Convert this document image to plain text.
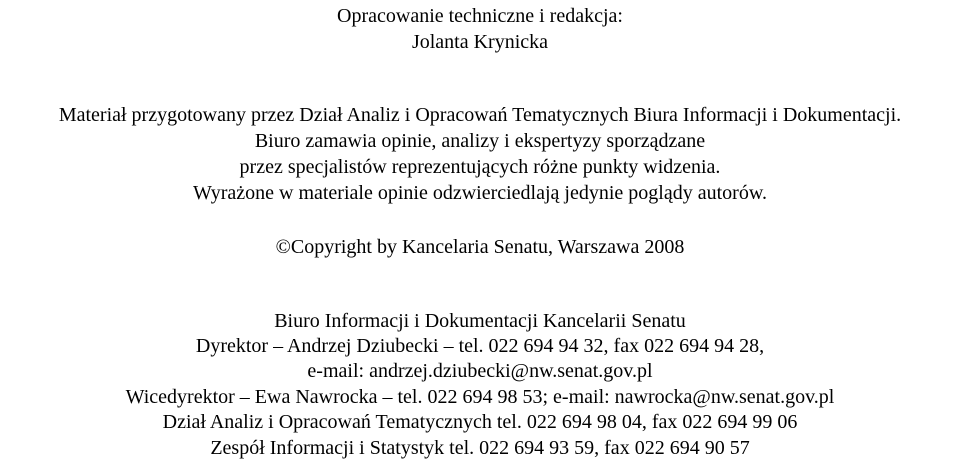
Opracowanie techniczne i redakcja:
Jolanta Krynicka
Materiał przygotowany przez Dział Analiz i Opracowań Tematycznych Biura Informacji i Dokumentacji.
Biuro zamawia opinie, analizy i ekspertyzy sporządzane
przez specjalistów reprezentujących różne punkty widzenia.
Wyrażone w materiale opinie odzwierciedlają jedynie poglądy autorów.
©Copyright by Kancelaria Senatu, Warszawa 2008
Biuro Informacji i Dokumentacji Kancelarii Senatu
Dyrektor – Andrzej Dziubecki – tel. 022 694 94 32, fax 022 694 94 28,
e-mail: andrzej.dziubecki@nw.senat.gov.pl
Wicedyrektor – Ewa Nawrocka – tel. 022 694 98 53; e-mail: nawrocka@nw.senat.gov.pl
Dział Analiz i Opracowań Tematycznych tel. 022 694 98 04, fax 022 694 99 06
Zespół Informacji i Statystyk tel. 022 694 93 59, fax 022 694 90 57
